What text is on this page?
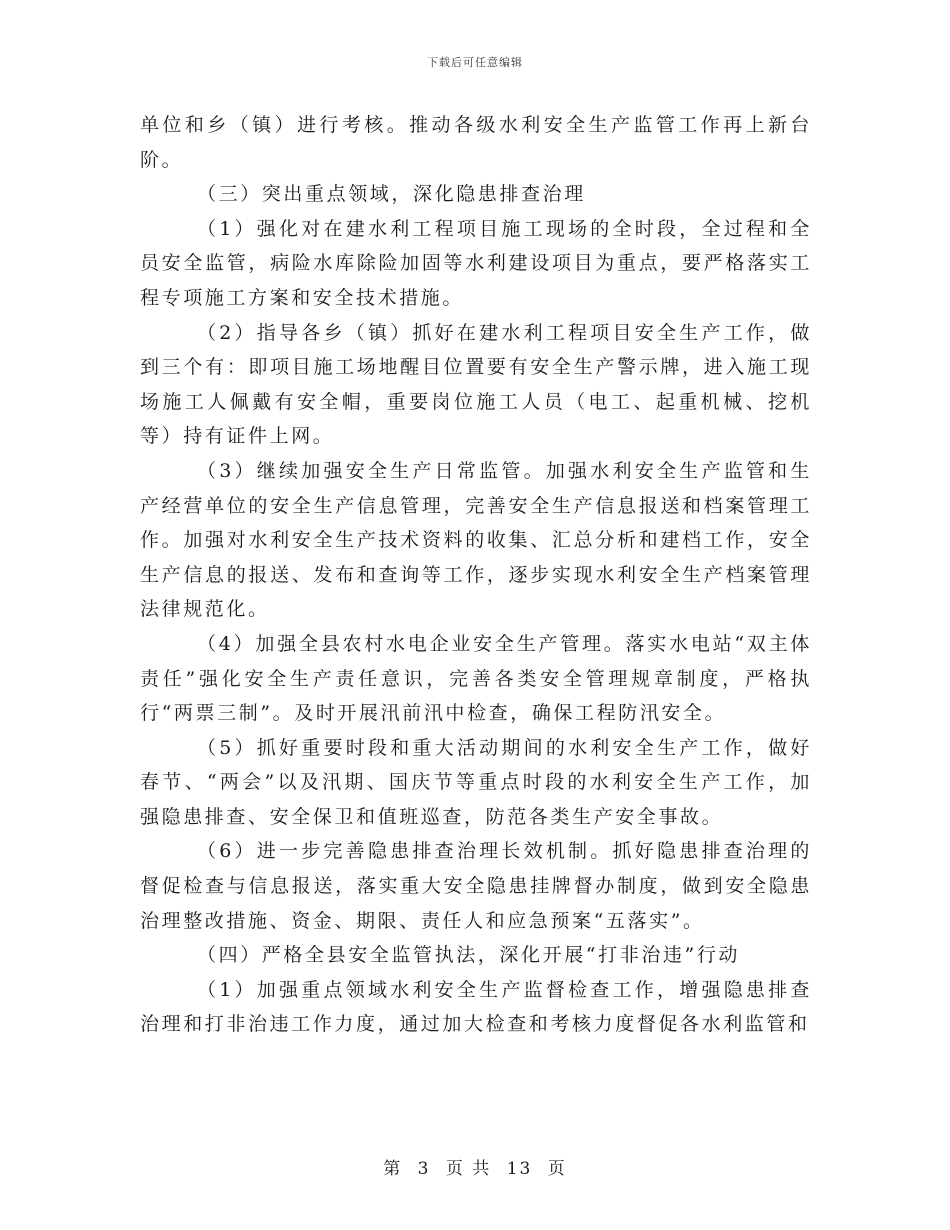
下载后可任意编辑

单位和乡（镇）进行考核。推动各级水利安全生产监管工作再上新台阶。

（三）突出重点领域，深化隐患排查治理

（1）强化对在建水利工程项目施工现场的全时段，全过程和全员安全监管，病险水库除险加固等水利建设项目为重点，要严格落实工程专项施工方案和安全技术措施。

（2）指导各乡（镇）抓好在建水利工程项目安全生产工作，做到三个有：即项目施工场地醒目位置要有安全生产警示牌，进入施工现场施工人佩戴有安全帽，重要岗位施工人员（电工、起重机械、挖机等）持有证件上网。

（3）继续加强安全生产日常监管。加强水利安全生产监管和生产经营单位的安全生产信息管理，完善安全生产信息报送和档案管理工作。加强对水利安全生产技术资料的收集、汇总分析和建档工作，安全生产信息的报送、发布和查询等工作，逐步实现水利安全生产档案管理法律规范化。

（4）加强全县农村水电企业安全生产管理。落实水电站“双主体责任”强化安全生产责任意识，完善各类安全管理规章制度，严格执行“两票三制”。及时开展汛前汛中检查，确保工程防汛安全。

（5）抓好重要时段和重大活动期间的水利安全生产工作，做好春节、“两会”以及汛期、国庆节等重点时段的水利安全生产工作，加强隐患排查、安全保卫和值班巡查，防范各类生产安全事故。

（6）进一步完善隐患排查治理长效机制。抓好隐患排查治理的督促检查与信息报送，落实重大安全隐患挂牌督办制度，做到安全隐患治理整改措施、资金、期限、责任人和应急预案“五落实”。

（四）严格全县安全监管执法，深化开展“打非治违”行动

（1）加强重点领域水利安全生产监督检查工作，增强隐患排查治理和打非治违工作力度，通过加大检查和考核力度督促各水利监管和

第 3 页 共 13 页
